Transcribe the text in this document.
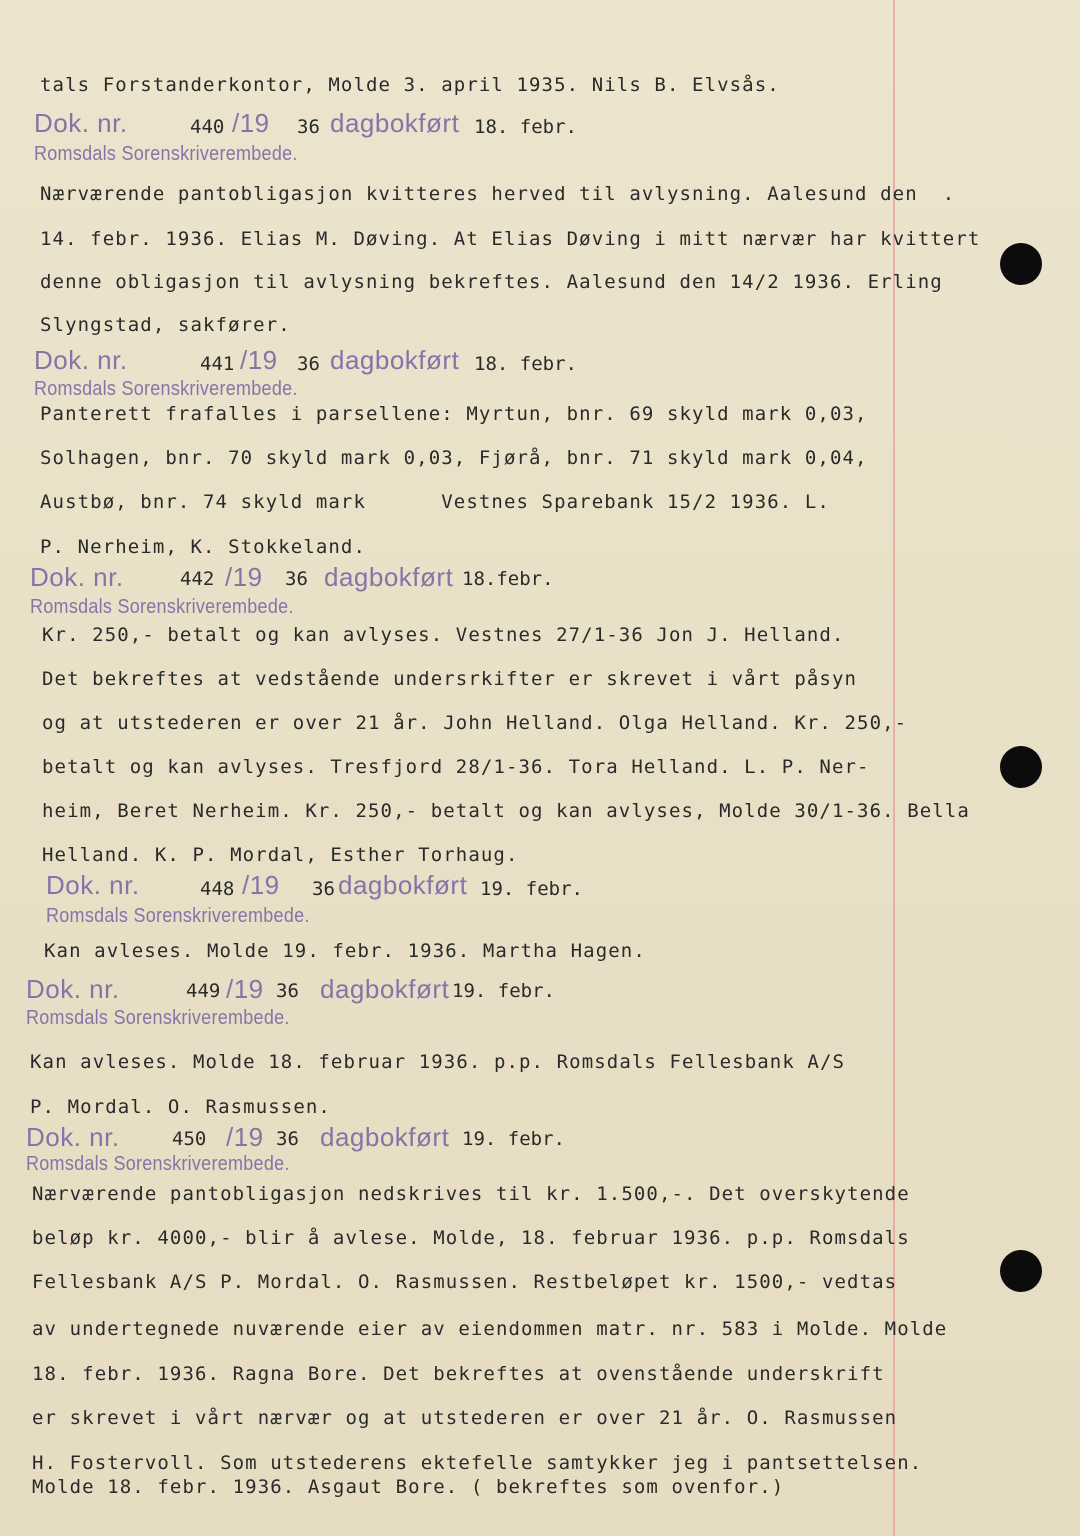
tals Forstanderkontor, Molde 3. april 1935. Nils B. Elvsås.
Dok. nr.	440 /19 36 dagbokført 18. febr.
Romsdals Sorenskriverembede.
Nærværende pantobligasjon kvitteres herved til avlysning. Aalesund den  .
14. febr. 1936. Elias M. Døving. At Elias Døving i mitt nærvær har kvittert
denne obligasjon til avlysning bekreftes. Aalesund den 14/2 1936. Erling
Slyngstad, sakfører.
Dok. nr.	441 /19 36 dagbokført 18. febr.
Romsdals Sorenskriverembede.
Panterett frafalles i parsellene: Myrtun, bnr. 69 skyld mark 0,03,
Solhagen, bnr. 70 skyld mark 0,03, Fjørå, bnr. 71 skyld mark 0,04,
Austbø, bnr. 74 skyld mark      Vestnes Sparebank 15/2 1936. L.
P. Nerheim, K. Stokkeland.
Dok. nr.	442 /19 36 dagbokført 18.febr.
Romsdals Sorenskriverembede.
Kr. 250,- betalt og kan avlyses. Vestnes 27/1-36 Jon J. Helland.
Det bekreftes at vedstående undersrkifter er skrevet i vårt påsyn
og at utstederen er over 21 år. John Helland. Olga Helland. Kr. 250,-
betalt og kan avlyses. Tresfjord 28/1-36. Tora Helland. L. P. Ner-
heim, Beret Nerheim. Kr. 250,- betalt og kan avlyses, Molde 30/1-36. Bella
Helland. K. P. Mordal, Esther Torhaug.
Dok. nr.	448 /19 36 dagbokført 19. febr.
Romsdals Sorenskriverembede.
Kan avleses. Molde 19. febr. 1936. Martha Hagen.
Dok. nr.	449 /19 36 dagbokført 19. febr.
Romsdals Sorenskriverembede.
Kan avleses. Molde 18. februar 1936. p.p. Romsdals Fellesbank A/S
P. Mordal. O. Rasmussen.
Dok. nr.	450 /19 36 dagbokført 19. febr.
Romsdals Sorenskriverembede.
Nærværende pantobligasjon nedskrives til kr. 1.500,-. Det overskytende
beløp kr. 4000,- blir å avlese. Molde, 18. februar 1936. p.p. Romsdals
Fellesbank A/S P. Mordal. O. Rasmussen. Restbeløpet kr. 1500,- vedtas
av undertegnede nuværende eier av eiendommen matr. nr. 583 i Molde. Molde
18. febr. 1936. Ragna Bore. Det bekreftes at ovenstående underskrift
er skrevet i vårt nærvær og at utstederen er over 21 år. O. Rasmussen
H. Fostervoll. Som utstederens ektefelle samtykker jeg i pantsettelsen.
Molde 18. febr. 1936. Asgaut Bore. ( bekreftes som ovenfor.)
